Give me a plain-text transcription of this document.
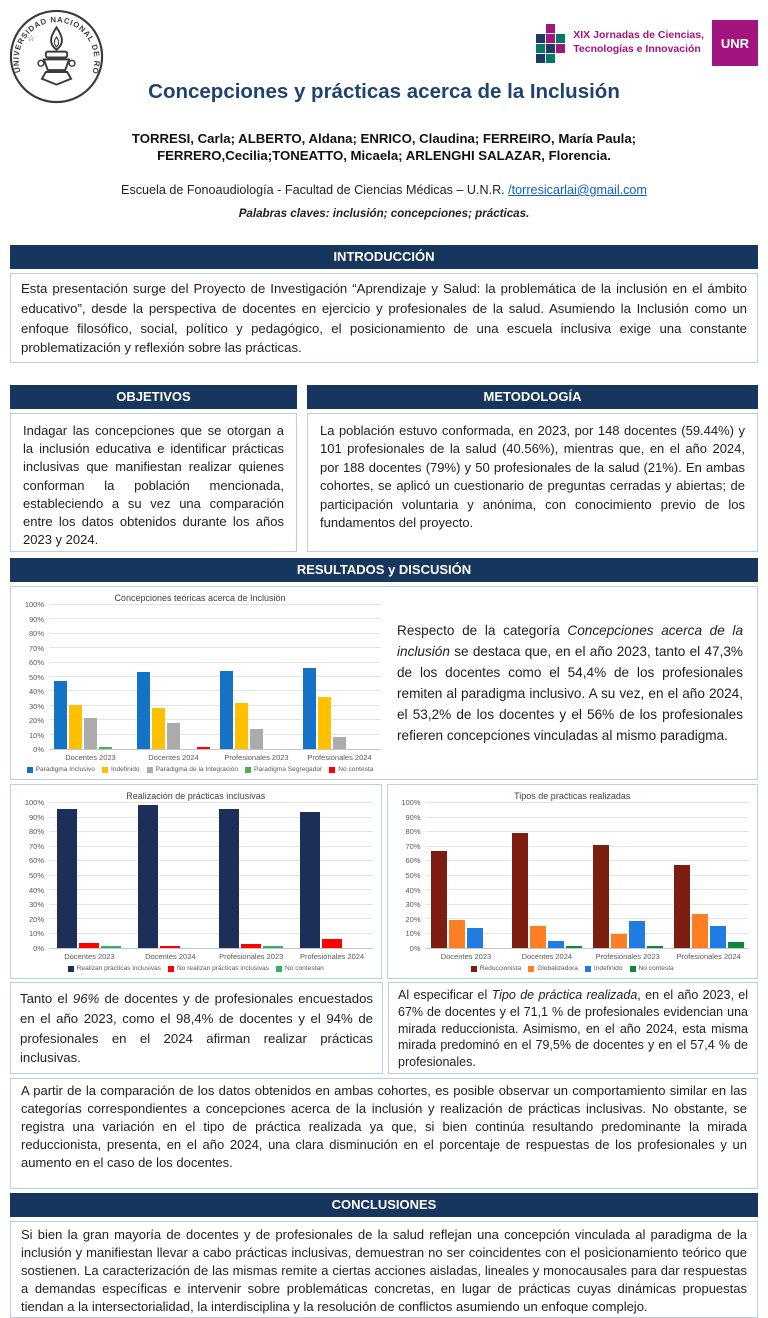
UNIVERSIDAD NACIONAL DE RO
☆	XIX Jornadas de Ciencias,
Tecnologías e Innovación	UNR
Concepciones y prácticas acerca de la Inclusión
TORRESI, Carla; ALBERTO, Aldana; ENRICO, Claudina; FERREIRO, María Paula; FERRERO,Cecilia;TONEATTO, Micaela; ARLENGHI SALAZAR, Florencia.
Escuela de Fonoaudiología - Facultad de Ciencias Médicas – U.N.R. /torresicarlai@gmail.com
Palabras claves: inclusión; concepciones; prácticas.
INTRODUCCIÓN
Esta presentación surge del Proyecto de Investigación “Aprendizaje y Salud: la problemática de la inclusión en el ámbito educativo”, desde la perspectiva de docentes en ejercicio y profesionales de la salud. Asumiendo la Inclusión como un enfoque filosófico, social, político y pedagógico, el posicionamiento de una escuela inclusiva exige una constante problematización y reflexión sobre las prácticas.
OBJETIVOS
Indagar las concepciones que se otorgan a la inclusión educativa e identificar prácticas inclusivas que manifiestan realizar quienes conforman la población mencionada, estableciendo a su vez una comparación entre los datos obtenidos durante los años 2023 y 2024.
METODOLOGÍA
La población estuvo conformada, en 2023, por 148 docentes (59.44%) y 101 profesionales de la salud (40.56%), mientras que, en el año 2024, por 188 docentes (79%) y 50 profesionales de la salud (21%). En ambas cohortes, se aplicó un cuestionario de preguntas cerradas y abiertas; de participación voluntaria y anónima, con conocimiento previo de los fundamentos del proyecto.
RESULTADOS y DISCUSIÓN
Concepciones teóricas acerca de Inclusión
0%
10%
20%
30%
40%
50%
60%
70%
80%
90%
100%
Docentes 2023	Docentes 2024	Profesionales 2023	Profesionales 2024
Paradigma Inclusivo Indefinido Paradigma de la Integración Paradigma Segregador No contesta
Respecto de la categoría Concepciones acerca de la inclusión se destaca que, en el año 2023, tanto el 47,3% de los docentes como el 54,4% de los profesionales remiten al paradigma inclusivo. A su vez, en el año 2024, el 53,2% de los docentes y el 56% de los profesionales refieren concepciones vinculadas al mismo paradigma.
Realización de prácticas inclusivas
0%
10%
20%
30%
40%
50%
60%
70%
80%
90%
100%
Docentes 2023	Docentes 2024	Profesionales 2023	Profesionales 2024
Realizan prácticas inclusivas No realizan prácticas inclusivas No contestan
Tipos de practicas realizadas
0%
10%
20%
30%
40%
50%
60%
70%
80%
90%
100%
Docentes 2023	Docentes 2024	Profesionales 2023	Profesionales 2024
Reduccionista Globalizadora Indefinido No contesta
Tanto el 96% de docentes y de profesionales encuestados en el año 2023, como el 98,4% de docentes y el 94% de profesionales en el 2024 afirman realizar prácticas inclusivas.
Al especificar el Tipo de práctica realizada, en el año 2023, el 67% de docentes y el 71,1 % de profesionales evidencian una mirada reduccionista. Asimismo, en el año 2024, esta misma mirada predominó en el 79,5% de docentes y en el 57,4 % de profesionales.
A partir de la comparación de los datos obtenidos en ambas cohortes, es posible observar un comportamiento similar en las categorías correspondientes a concepciones acerca de la inclusión y realización de prácticas inclusivas. No obstante, se registra una variación en el tipo de práctica realizada ya que, si bien continúa resultando predominante la mirada reduccionista, presenta, en el año 2024, una clara disminución en el porcentaje de respuestas de los profesionales y un aumento en el caso de los docentes.
CONCLUSIONES
Si bien la gran mayoría de docentes y de profesionales de la salud reflejan una concepción vinculada al paradigma de la inclusión y manifiestan llevar a cabo prácticas inclusivas, demuestran no ser coincidentes con el posicionamiento teórico que sostienen. La caracterización de las mismas remite a ciertas acciones aisladas, lineales y monocausales para dar respuestas a demandas específicas e intervenir sobre problemáticas concretas, en lugar de prácticas cuyas dinámicas propuestas tiendan a la intersectorialidad, la interdisciplina y la resolución de conflictos asumiendo un enfoque complejo.
